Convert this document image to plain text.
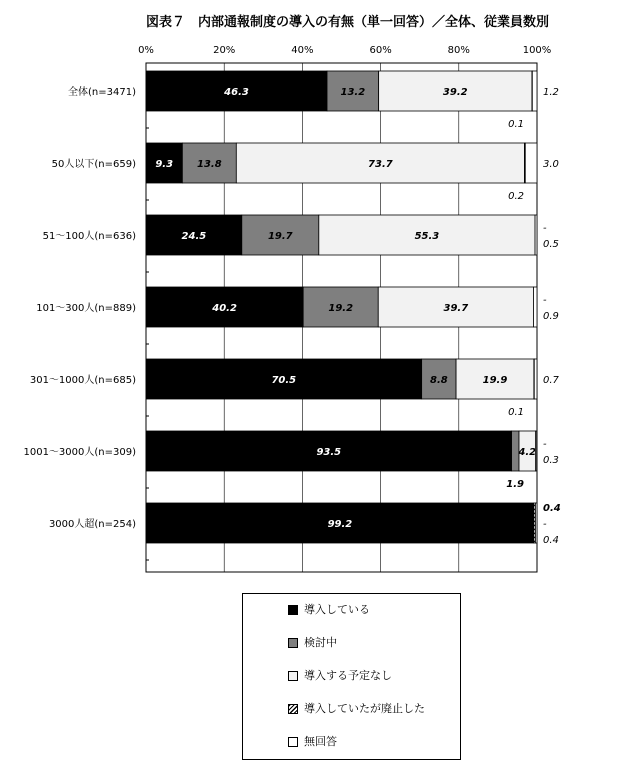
図表７　内部通報制度の導入の有無（単一回答）／全体、従業員数別
0%	20%	40%	60%	80%	100%
46.3	13.2	39.2	1.2
0.1
9.3 13.8	73.7	3.0
0.2
24.5	19.7	55.3
-
0.5
40.2	19.2	39.7
-
0.9
70.5	8.8	19.9	0.7
0.1
93.5	4.2
-
0.3
1.9
99.2
0.4
-
0.4
全体(n=3471)
50人以下(n=659)
51～100人(n=636)
101～300人(n=889)
301～1000人(n=685)
1001～3000人(n=309)
3000人超(n=254)
導入している
検討中
導入する予定なし
導入していたが廃止した
無回答
